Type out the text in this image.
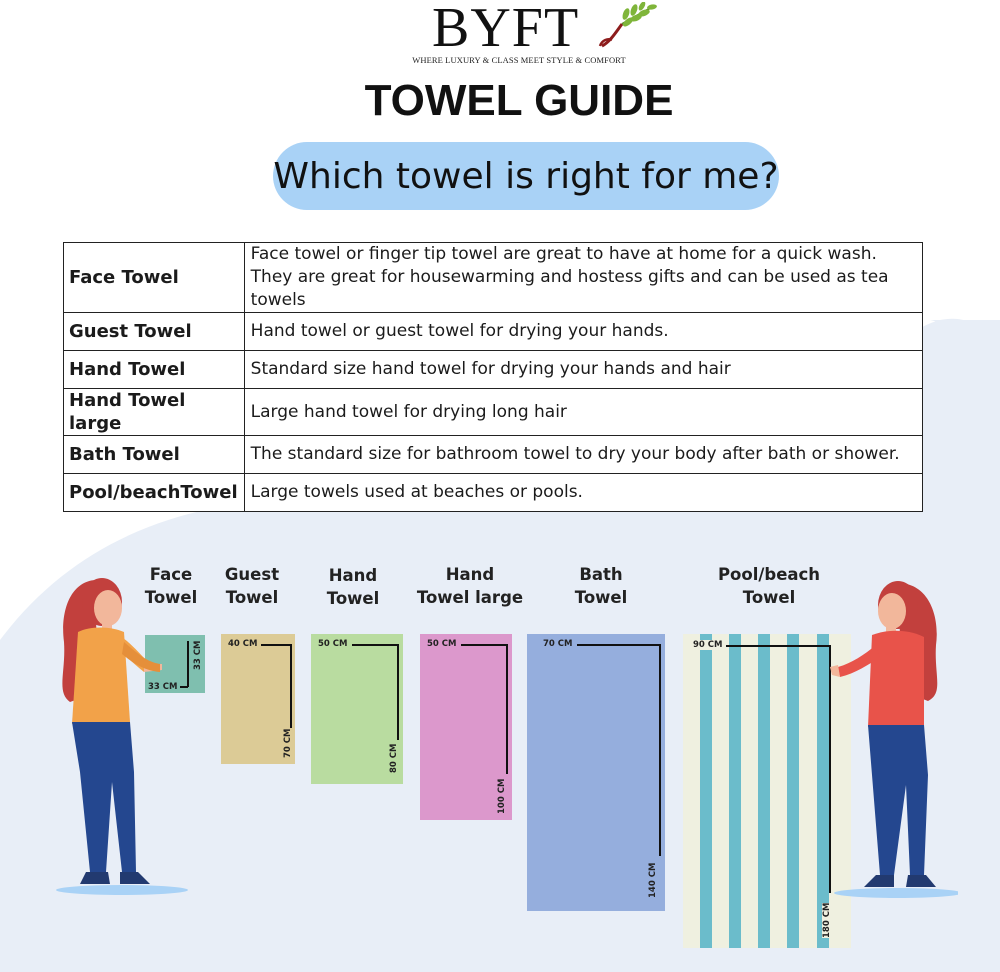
BYFT
WHERE LUXURY & CLASS MEET STYLE & COMFORT
TOWEL GUIDE
Which towel is right for me?
Face Towel	Face towel or finger tip towel are great to have at home for a quick wash.
They are great for housewarming and hostess gifts and can be used as tea towels

Guest Towel	Hand towel or guest towel for drying your hands.
Hand Towel	Standard size hand towel for drying your hands and hair
Hand Towel large	Large hand towel for drying long hair
Bath Towel	The standard size for bathroom towel to dry your body after bath or shower.
Pool/beachTowel	Large towels used at beaches or pools.
Face
Towel
Guest
Towel
Hand
Towel
Hand
Towel large
Bath
Towel
Pool/beach
Towel
33 CM
33 CM	40 CM
70 CM
50 CM
80 CM
50 CM
100 CM
70 CM
140 CM
90 CM
180 CM
